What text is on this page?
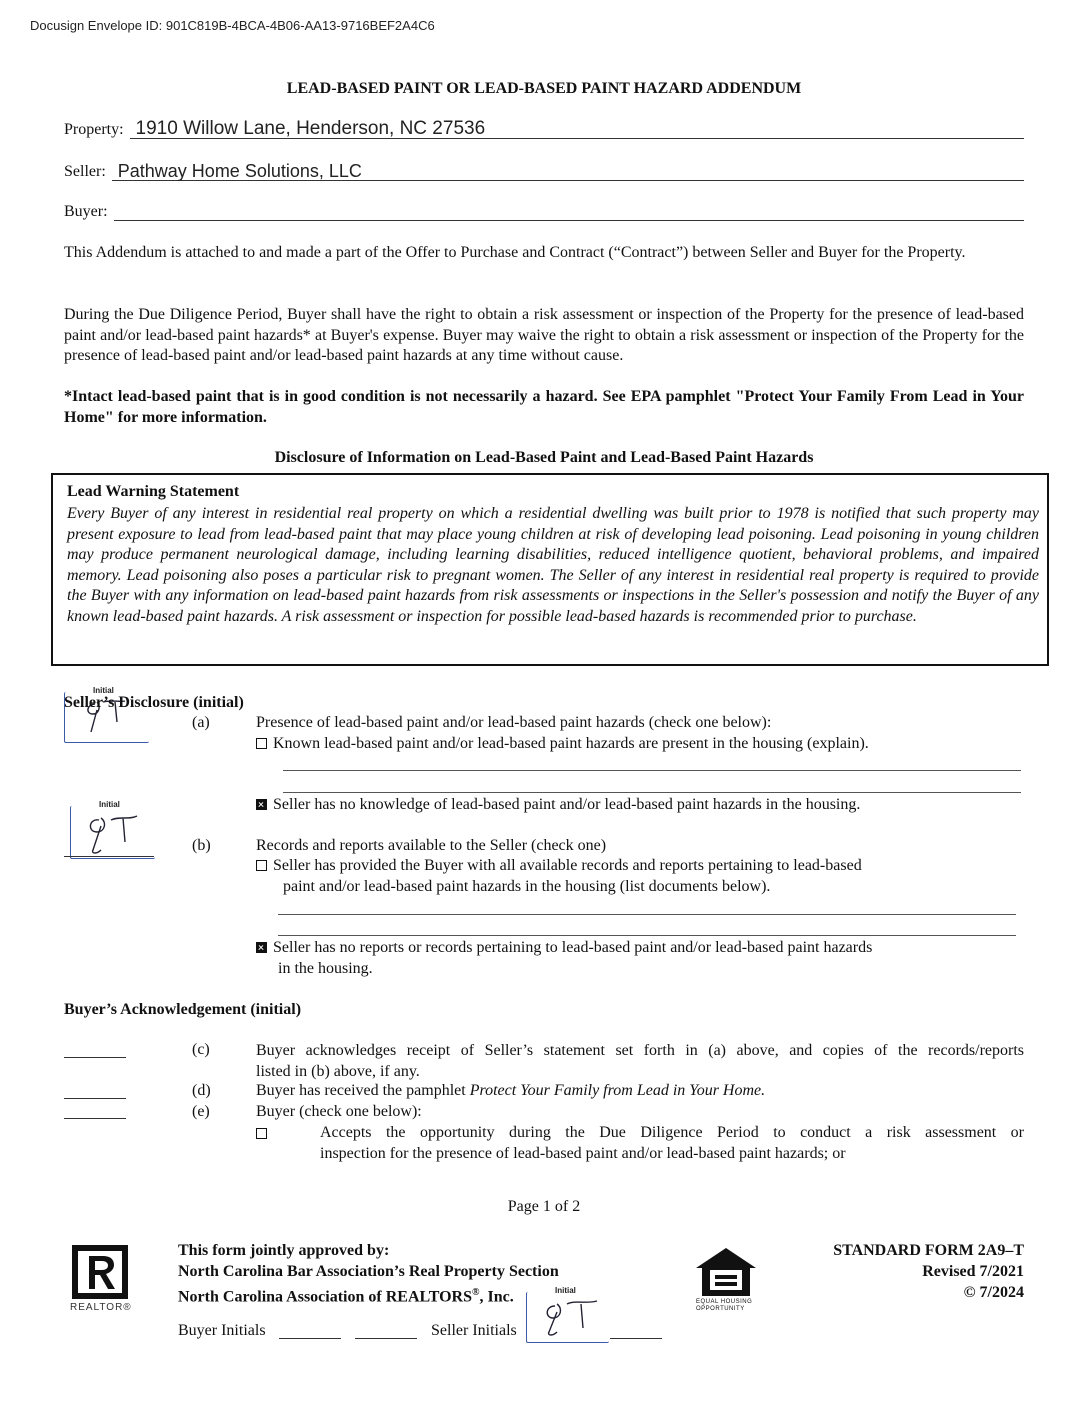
Docusign Envelope ID: 901C819B-4BCA-4B06-AA13-9716BEF2A4C6
LEAD-BASED PAINT OR LEAD-BASED PAINT HAZARD ADDENDUM
Property: 1910 Willow Lane, Henderson, NC 27536
Seller: Pathway Home Solutions, LLC
Buyer:
This Addendum is attached to and made a part of the Offer to Purchase and Contract (“Contract”) between Seller and Buyer for the Property.
During the Due Diligence Period, Buyer shall have the right to obtain a risk assessment or inspection of the Property for the presence of lead-based paint and/or lead-based paint hazards* at Buyer's expense. Buyer may waive the right to obtain a risk assessment or inspection of the Property for the presence of lead-based paint and/or lead-based paint hazards at any time without cause.
*Intact lead-based paint that is in good condition is not necessarily a hazard. See EPA pamphlet "Protect Your Family From Lead in Your Home" for more information.
Disclosure of Information on Lead-Based Paint and Lead-Based Paint Hazards
Lead Warning Statement
Every Buyer of any interest in residential real property on which a residential dwelling was built prior to 1978 is notified that such property may present exposure to lead from lead-based paint that may place young children at risk of developing lead poisoning. Lead poisoning in young children may produce permanent neurological damage, including learning disabilities, reduced intelligence quotient, behavioral problems, and impaired memory. Lead poisoning also poses a particular risk to pregnant women. The Seller of any interest in residential real property is required to provide the Buyer with any information on lead-based paint hazards from risk assessments or inspections in the Seller's possession and notify the Buyer of any known lead-based paint hazards. A risk assessment or inspection for possible lead-based hazards is recommended prior to purchase.
Initial
Seller’s Disclosure (initial)
(a)	Presence of lead-based paint and/or lead-based paint hazards (check one below):
Known lead-based paint and/or lead-based paint hazards are present in the housing (explain).
Seller has no knowledge of lead-based paint and/or lead-based paint hazards in the housing.
Initial
(b)	Records and reports available to the Seller (check one)
Seller has provided the Buyer with all available records and reports pertaining to lead-based
paint and/or lead-based paint hazards in the housing (list documents below).
Seller has no reports or records pertaining to lead-based paint and/or lead-based paint hazards
in the housing.
Buyer’s Acknowledgement (initial)
(c)	Buyer acknowledges receipt of Seller’s statement set forth in (a) above, and copies of the records/reports
listed in (b) above, if any.
(d)	Buyer has received the pamphlet Protect Your Family from Lead in Your Home.
(e)	Buyer (check one below):
Accepts the opportunity during the Due Diligence Period to conduct a risk assessment or
inspection for the presence of lead-based paint and/or lead-based paint hazards; or
Page 1 of 2
REALTOR®
This form jointly approved by:
North Carolina Bar Association’s Real Property Section
North Carolina Association of REALTORS®, Inc.	EQUAL HOUSING
OPPORTUNITY
STANDARD FORM 2A9–T
Revised 7/2021
© 7/2024
Buyer Initials	Seller Initials
Initial
